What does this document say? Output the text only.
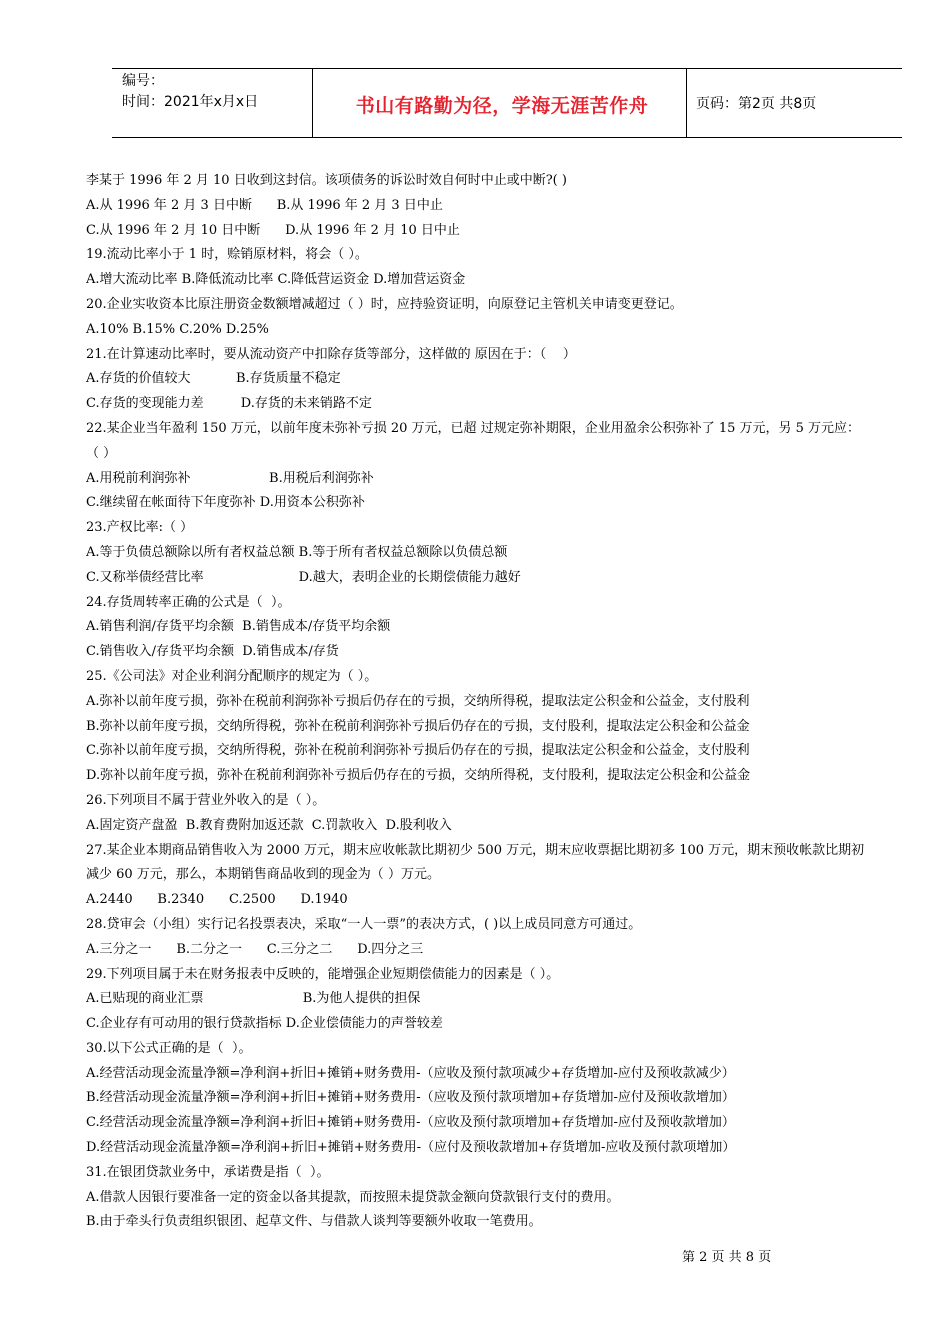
编号：
时间：2021年x月x日	书山有路勤为径，学海无涯苦作舟	页码：第2页 共8页
李某于 1996 年 2 月 10 日收到这封信。该项债务的诉讼时效自何时中止或中断?( )
A.从 1996 年 2 月 3 日中断      B.从 1996 年 2 月 3 日中止
C.从 1996 年 2 月 10 日中断      D.从 1996 年 2 月 10 日中止
19.流动比率小于 1 时，赊销原材料，将会（ ）。
A.增大流动比率 B.降低流动比率 C.降低营运资金 D.增加营运资金
20.企业实收资本比原注册资金数额增减超过（ ）时，应持验资证明，向原登记主管机关申请变更登记。
A.10% B.15% C.20% D.25%
21.在计算速动比率时，要从流动资产中扣除存货等部分，这样做的 原因在于：（    ）
A.存货的价值较大           B.存货质量不稳定
C.存货的变现能力差         D.存货的未来销路不定
22.某企业当年盈利 150 万元，以前年度未弥补亏损 20 万元，已超 过规定弥补期限，企业用盈余公积弥补了 15 万元，另 5 万元应：
（ ）
A.用税前利润弥补                   B.用税后利润弥补
C.继续留在帐面待下年度弥补 D.用资本公积弥补
23.产权比率:（ ）
A.等于负债总额除以所有者权益总额 B.等于所有者权益总额除以负债总额
C.又称举债经营比率                       D.越大，表明企业的长期偿债能力越好
24.存货周转率正确的公式是（  ）。
A.销售利润/存货平均余额  B.销售成本/存货平均余额
C.销售收入/存货平均余额  D.销售成本/存货
25.《公司法》对企业利润分配顺序的规定为（ ）。
A.弥补以前年度亏损，弥补在税前利润弥补亏损后仍存在的亏损，交纳所得税，提取法定公积金和公益金，支付股利
B.弥补以前年度亏损，交纳所得税，弥补在税前利润弥补亏损后仍存在的亏损，支付股利，提取法定公积金和公益金
C.弥补以前年度亏损，交纳所得税，弥补在税前利润弥补亏损后仍存在的亏损，提取法定公积金和公益金，支付股利
D.弥补以前年度亏损，弥补在税前利润弥补亏损后仍存在的亏损，交纳所得税，支付股利，提取法定公积金和公益金
26.下列项目不属于营业外收入的是（ ）。
A.固定资产盘盈  B.教育费附加返还款  C.罚款收入  D.股利收入
27.某企业本期商品销售收入为 2000 万元，期末应收帐款比期初少 500 万元，期末应收票据比期初多 100 万元，期末预收帐款比期初
减少 60 万元，那么，本期销售商品收到的现金为（ ）万元。
A.2440      B.2340      C.2500      D.1940
28.贷审会（小组）实行记名投票表决，采取“一人一票”的表决方式，( )以上成员同意方可通过。
A.三分之一      B.二分之一      C.三分之二      D.四分之三
29.下列项目属于未在财务报表中反映的，能增强企业短期偿债能力的因素是（ ）。
A.已贴现的商业汇票                        B.为他人提供的担保
C.企业存有可动用的银行贷款指标 D.企业偿债能力的声誉较差
30.以下公式正确的是（  ）。
A.经营活动现金流量净额=净利润+折旧+摊销+财务费用-（应收及预付款项减少+存货增加-应付及预收款减少）
B.经营活动现金流量净额=净利润+折旧+摊销+财务费用-（应收及预付款项增加+存货增加-应付及预收款增加）
C.经营活动现金流量净额=净利润+折旧+摊销+财务费用-（应收及预付款项增加+存货增加-应付及预收款增加）
D.经营活动现金流量净额=净利润+折旧+摊销+财务费用-（应付及预收款增加+存货增加-应收及预付款项增加）
31.在银团贷款业务中，承诺费是指（  ）。
A.借款人因银行要准备一定的资金以备其提款，而按照未提贷款金额向贷款银行支付的费用。
B.由于牵头行负责组织银团、起草文件、与借款人谈判等要额外收取一笔费用。
第 2 页 共 8 页
